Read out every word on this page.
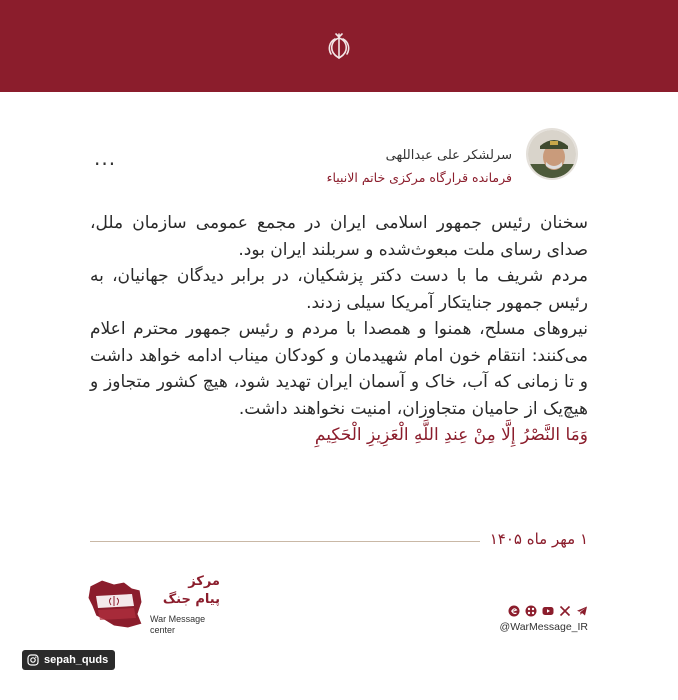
سرلشکر علی عبداللهی
فرمانده قرارگاه مرکزی خاتم الانبیاء
...

سخنان رئیس جمهور اسلامی ایران در مجمع عمومی سازمان ملل، صدای رسای ملت مبعوث‌شده و سربلند ایران بود.

مردم شریف ما با دست دکتر پزشکیان، در برابر دیدگان جهانیان، به رئیس جمهور جنایتکار آمریکا سیلی زدند.

نیروهای مسلح، همنوا و همصدا با مردم و رئیس جمهور محترم اعلام می‌کنند: انتقام خون امام شهیدمان و کودکان میناب ادامه خواهد داشت و تا زمانی که آب، خاک و آسمان ایران تهدید شود، هیچ کشور متجاوز و هیچ‌یک از حامیان متجاوزان، امنیت نخواهند داشت.

وَمَا النَّصْرُ إِلَّا مِنْ عِندِ اللَّهِ الْعَزِيزِ الْحَكِيمِ

۱ مهر ماه ۱۴۰۵
مرکز
پیام جنگ
War Message
center	@WarMessage_IR
sepah_quds
